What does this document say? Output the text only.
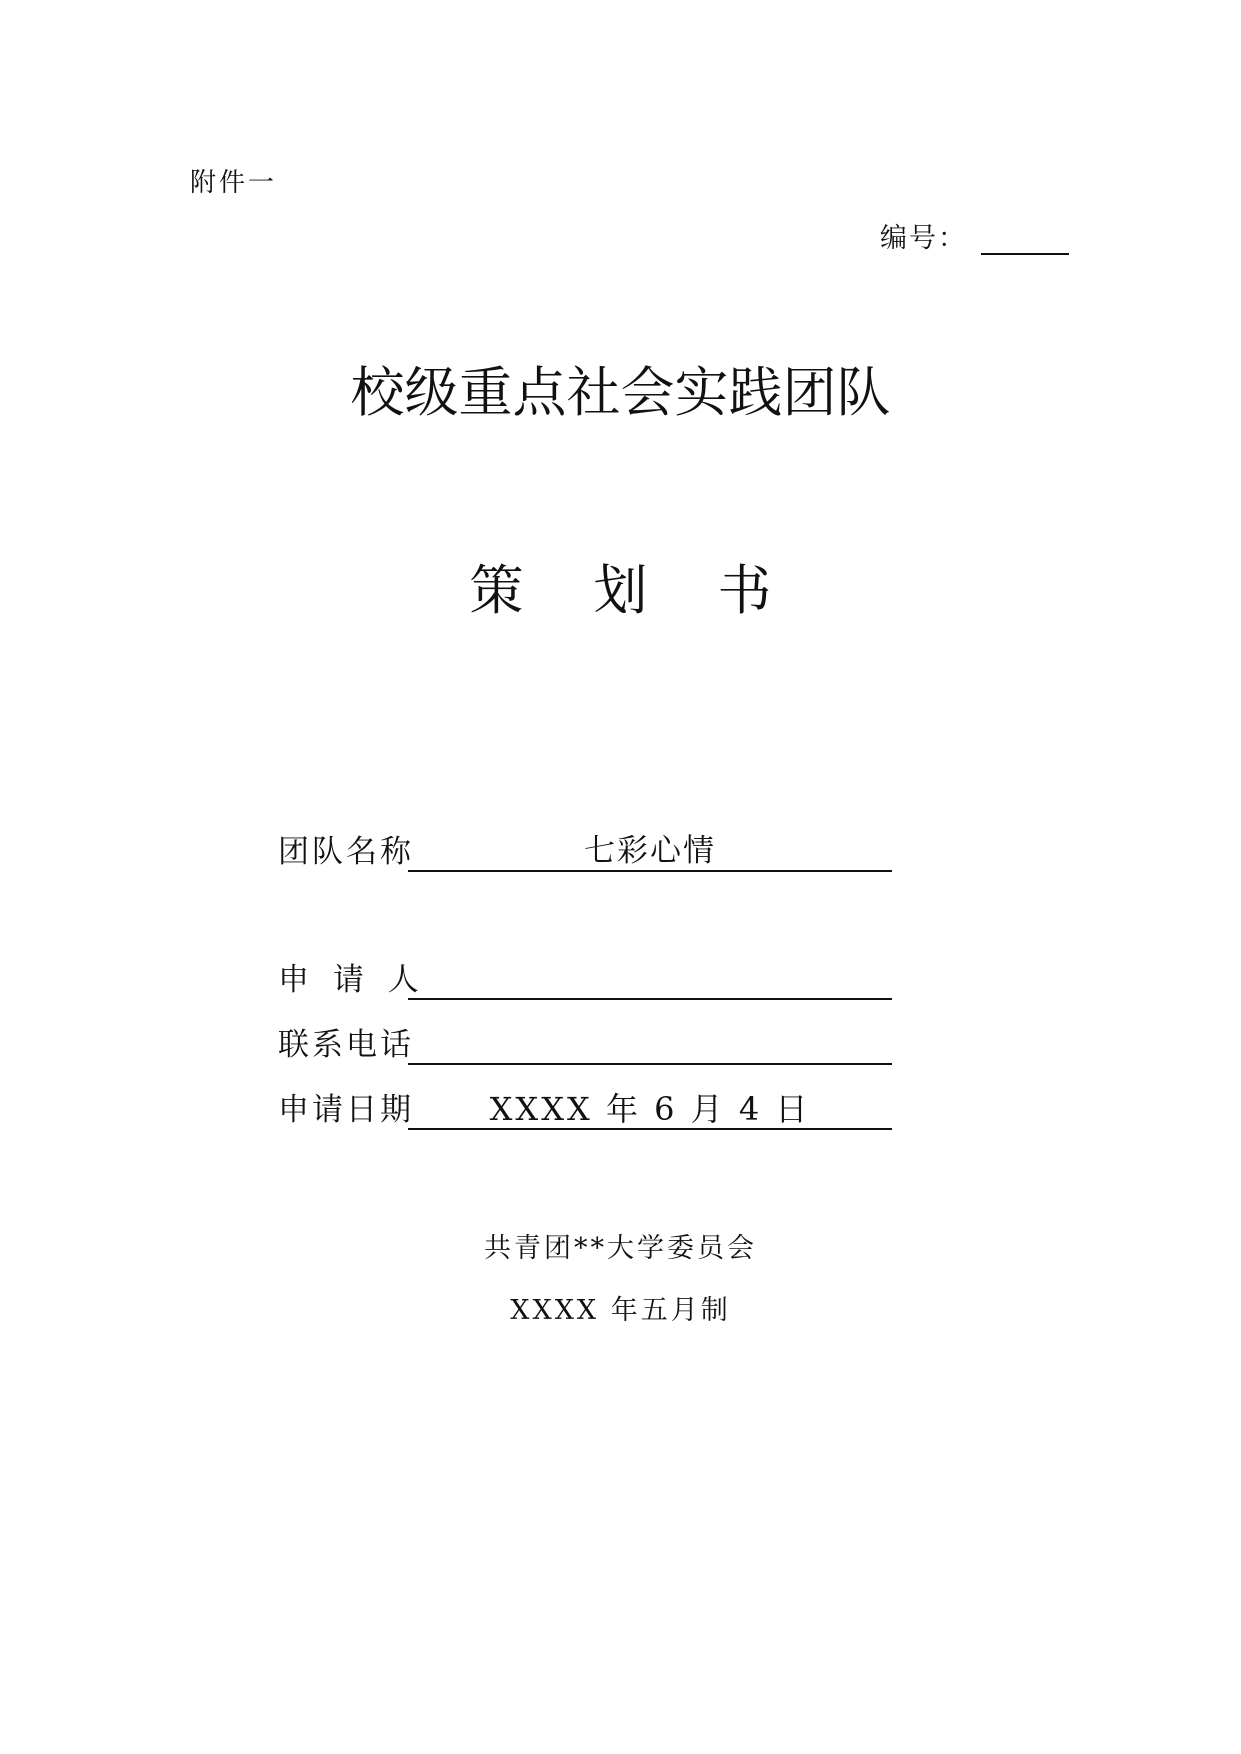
附件一
编号：
校级重点社会实践团队
策划书
团队名称	七彩心情
申 请 人
联系电话
申请日期	XXXX 年 6 月 4 日
共青团**大学委员会
XXXX 年五月制
